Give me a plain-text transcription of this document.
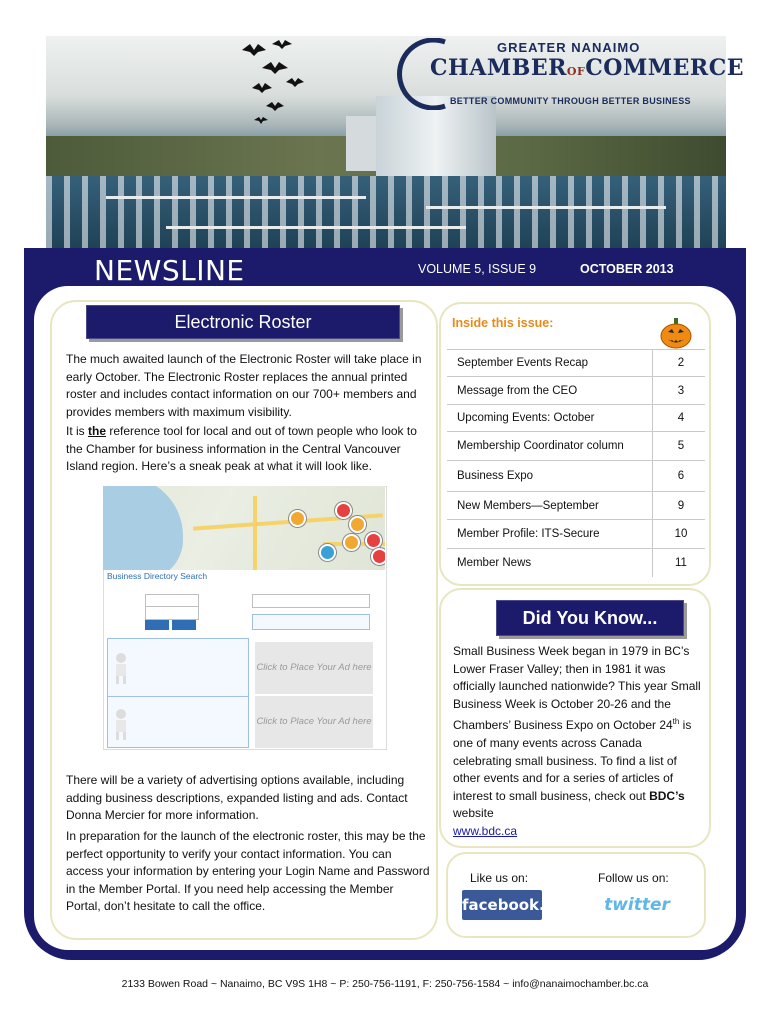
GREATER NANAIMO
CHAMBEROFCOMMERCE
BETTER COMMUNITY THROUGH BETTER BUSINESS
NEWSLINE	VOLUME 5, ISSUE 9	OCTOBER 2013
Electronic Roster
The much awaited launch of the Electronic Roster will take place in early October. The Electronic Roster replaces the annual printed roster and includes contact information on our 700+ members and provides members with maximum visibility.
It is the reference tool for local and out of town people who look to the Chamber for business information in the Central Vancouver Island region. Here’s a sneak peak at what it will look like.
Business Directory Search
Click to Place Your Ad here
Click to Place Your Ad here
There will be a variety of advertising options available, including adding business descriptions, expanded listing and ads. Contact Donna Mercier for more information.
In preparation for the launch of the electronic roster, this may be the perfect opportunity to verify your contact information. You can access your information by entering your Login Name and Password in the Member Portal. If you need help accessing the Member Portal, don’t hesitate to call the office.
Inside this issue:
September Events Recap	2
Message from the CEO	3
Upcoming Events: October	4
Membership Coordinator column	5
Business Expo	6
New Members—September	9
Member Profile: ITS-Secure	10
Member News	11
Did You Know...
Small Business Week began in 1979 in BC’s Lower Fraser Valley; then in 1981 it was officially launched nationwide? This year Small Business Week is October 20-26 and the Chambers’ Business Expo on October 24th is one of many events across Canada celebrating small business. To find a list of other events and for a series of articles of interest to small business, check out BDC’s website
www.bdc.ca
Like us on:	Follow us on:
facebook.	twitter
2133 Bowen Road ~ Nanaimo, BC V9S 1H8 ~ P: 250-756-1191, F: 250-756-1584 ~ info@nanaimochamber.bc.ca
